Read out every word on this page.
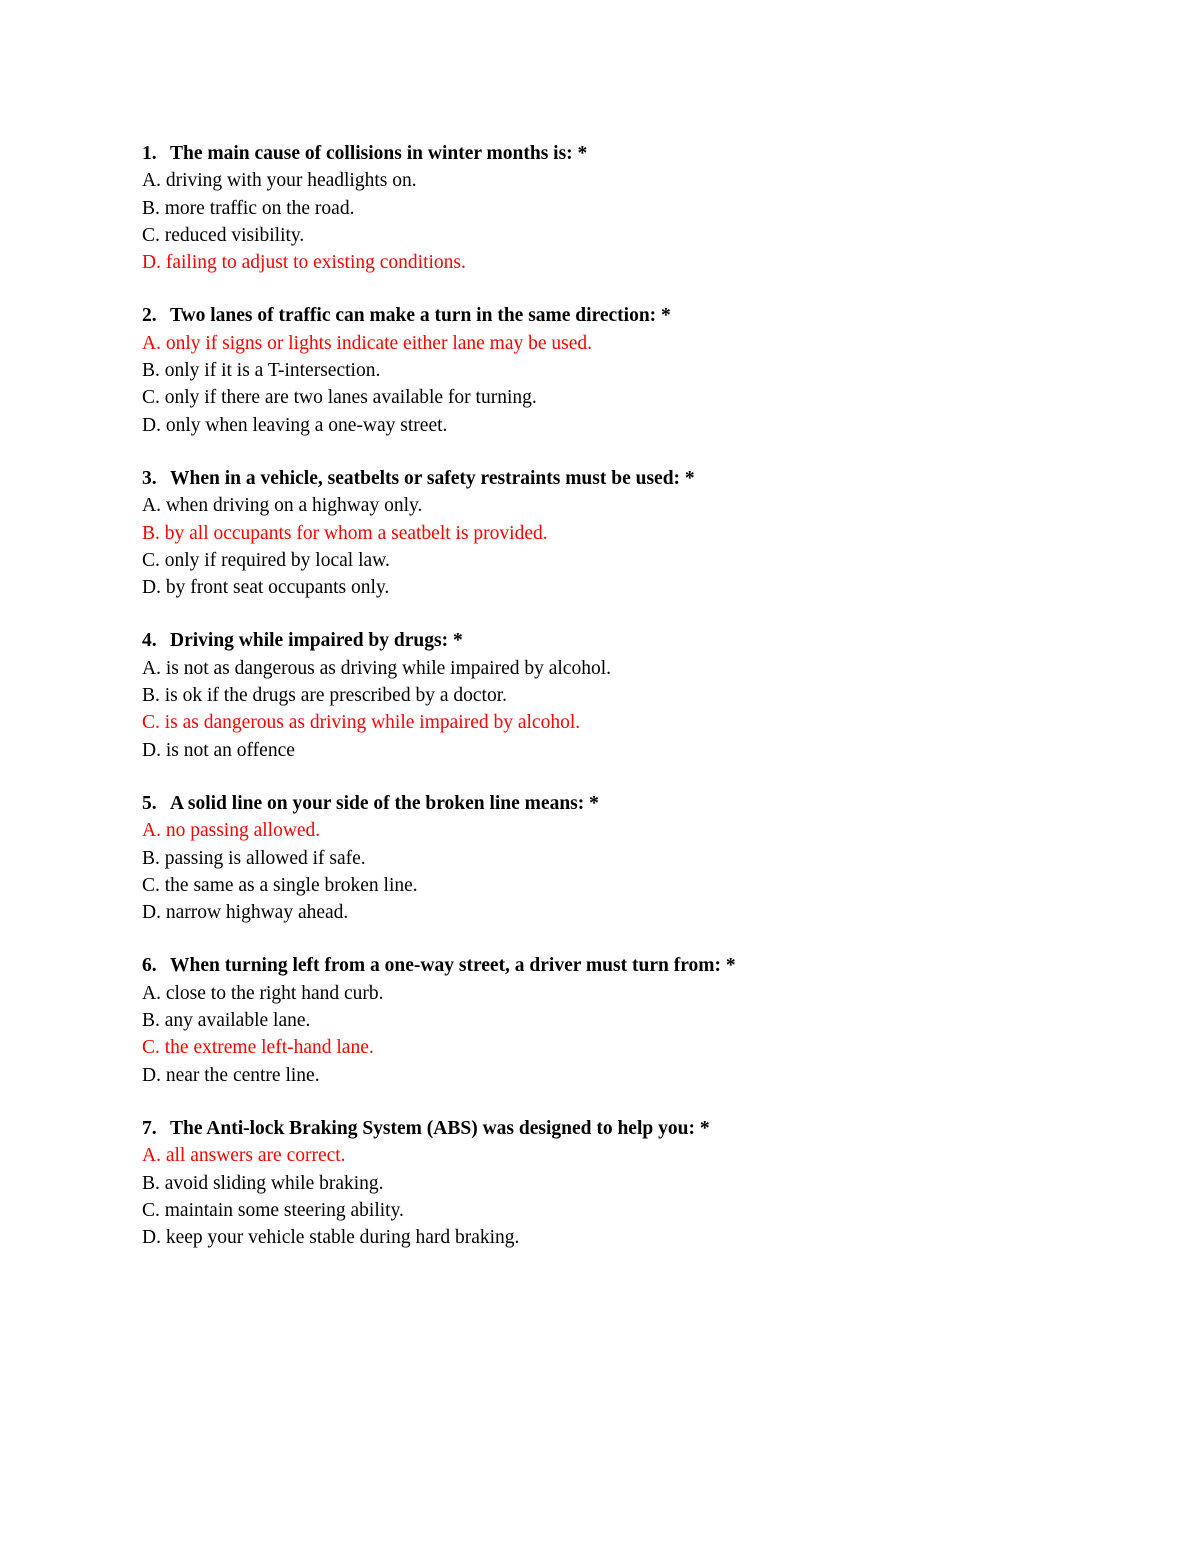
1. The main cause of collisions in winter months is: *
A. driving with your headlights on.
B. more traffic on the road.
C. reduced visibility.
D. failing to adjust to existing conditions.
2. Two lanes of traffic can make a turn in the same direction: *
A. only if signs or lights indicate either lane may be used.
B. only if it is a T-intersection.
C. only if there are two lanes available for turning.
D. only when leaving a one-way street.
3. When in a vehicle, seatbelts or safety restraints must be used: *
A. when driving on a highway only.
B. by all occupants for whom a seatbelt is provided.
C. only if required by local law.
D. by front seat occupants only.
4. Driving while impaired by drugs: *
A. is not as dangerous as driving while impaired by alcohol.
B. is ok if the drugs are prescribed by a doctor.
C. is as dangerous as driving while impaired by alcohol.
D. is not an offence
5. A solid line on your side of the broken line means: *
A. no passing allowed.
B. passing is allowed if safe.
C. the same as a single broken line.
D. narrow highway ahead.
6. When turning left from a one-way street, a driver must turn from: *
A. close to the right hand curb.
B. any available lane.
C. the extreme left-hand lane.
D. near the centre line.
7. The Anti-lock Braking System (ABS) was designed to help you: *
A. all answers are correct.
B. avoid sliding while braking.
C. maintain some steering ability.
D. keep your vehicle stable during hard braking.
